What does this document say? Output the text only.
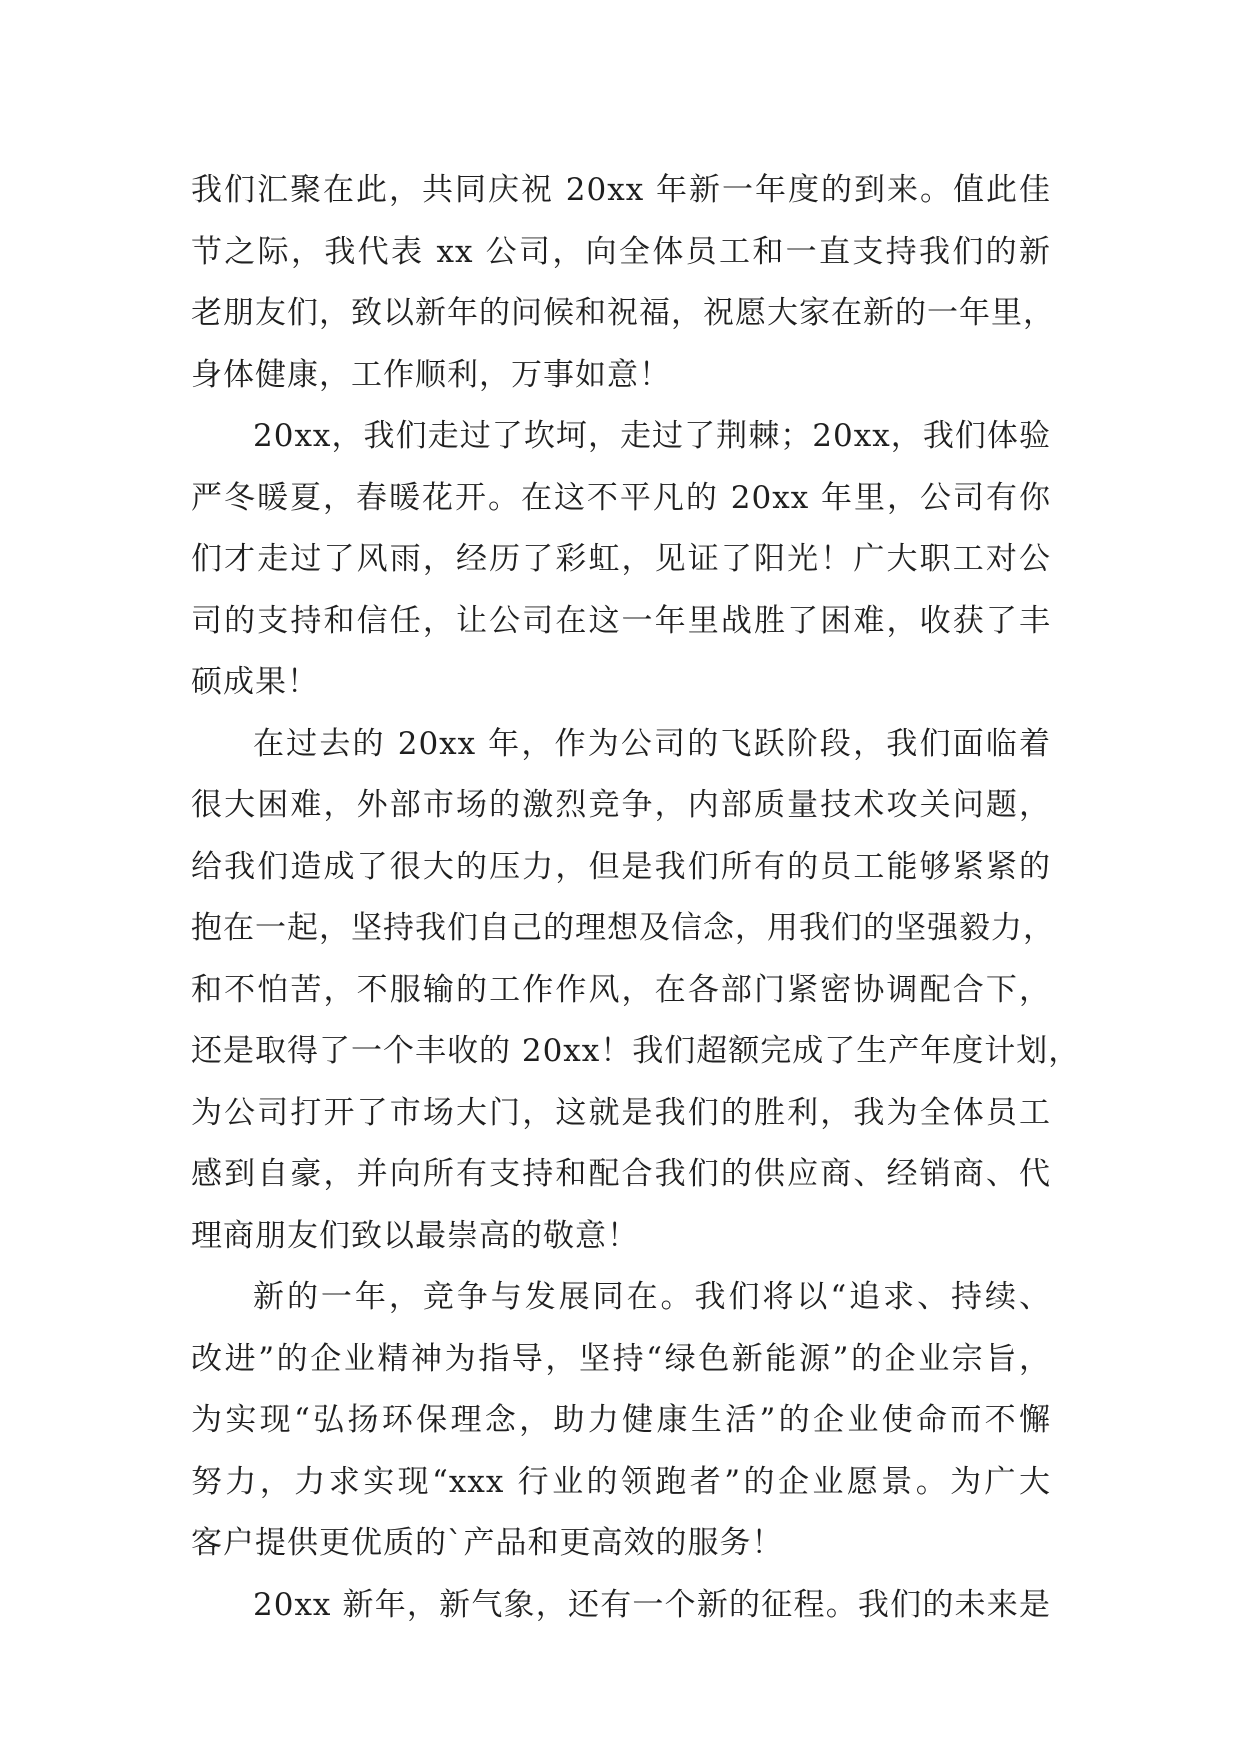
我们汇聚在此，共同庆祝 20xx 年新一年度的到来。值此佳
节之际，我代表 xx 公司，向全体员工和一直支持我们的新
老朋友们，致以新年的问候和祝福，祝愿大家在新的一年里，
身体健康，工作顺利，万事如意！
20xx，我们走过了坎坷，走过了荆棘；20xx，我们体验
严冬暖夏，春暖花开。在这不平凡的 20xx 年里，公司有你
们才走过了风雨，经历了彩虹，见证了阳光！广大职工对公
司的支持和信任，让公司在这一年里战胜了困难，收获了丰
硕成果！
在过去的 20xx 年，作为公司的飞跃阶段，我们面临着
很大困难，外部市场的激烈竞争，内部质量技术攻关问题，
给我们造成了很大的压力，但是我们所有的员工能够紧紧的
抱在一起，坚持我们自己的理想及信念，用我们的坚强毅力，
和不怕苦，不服输的工作作风，在各部门紧密协调配合下，
还是取得了一个丰收的 20xx！我们超额完成了生产年度计划，
为公司打开了市场大门，这就是我们的胜利，我为全体员工
感到自豪，并向所有支持和配合我们的供应商、经销商、代
理商朋友们致以最崇高的敬意！
新的一年，竞争与发展同在。我们将以“追求、持续、
改进”的企业精神为指导，坚持“绿色新能源”的企业宗旨，
为实现“弘扬环保理念，助力健康生活”的企业使命而不懈
努力，力求实现“xxx 行业的领跑者”的企业愿景。为广大
客户提供更优质的`产品和更高效的服务！
20xx 新年，新气象，还有一个新的征程。我们的未来是
